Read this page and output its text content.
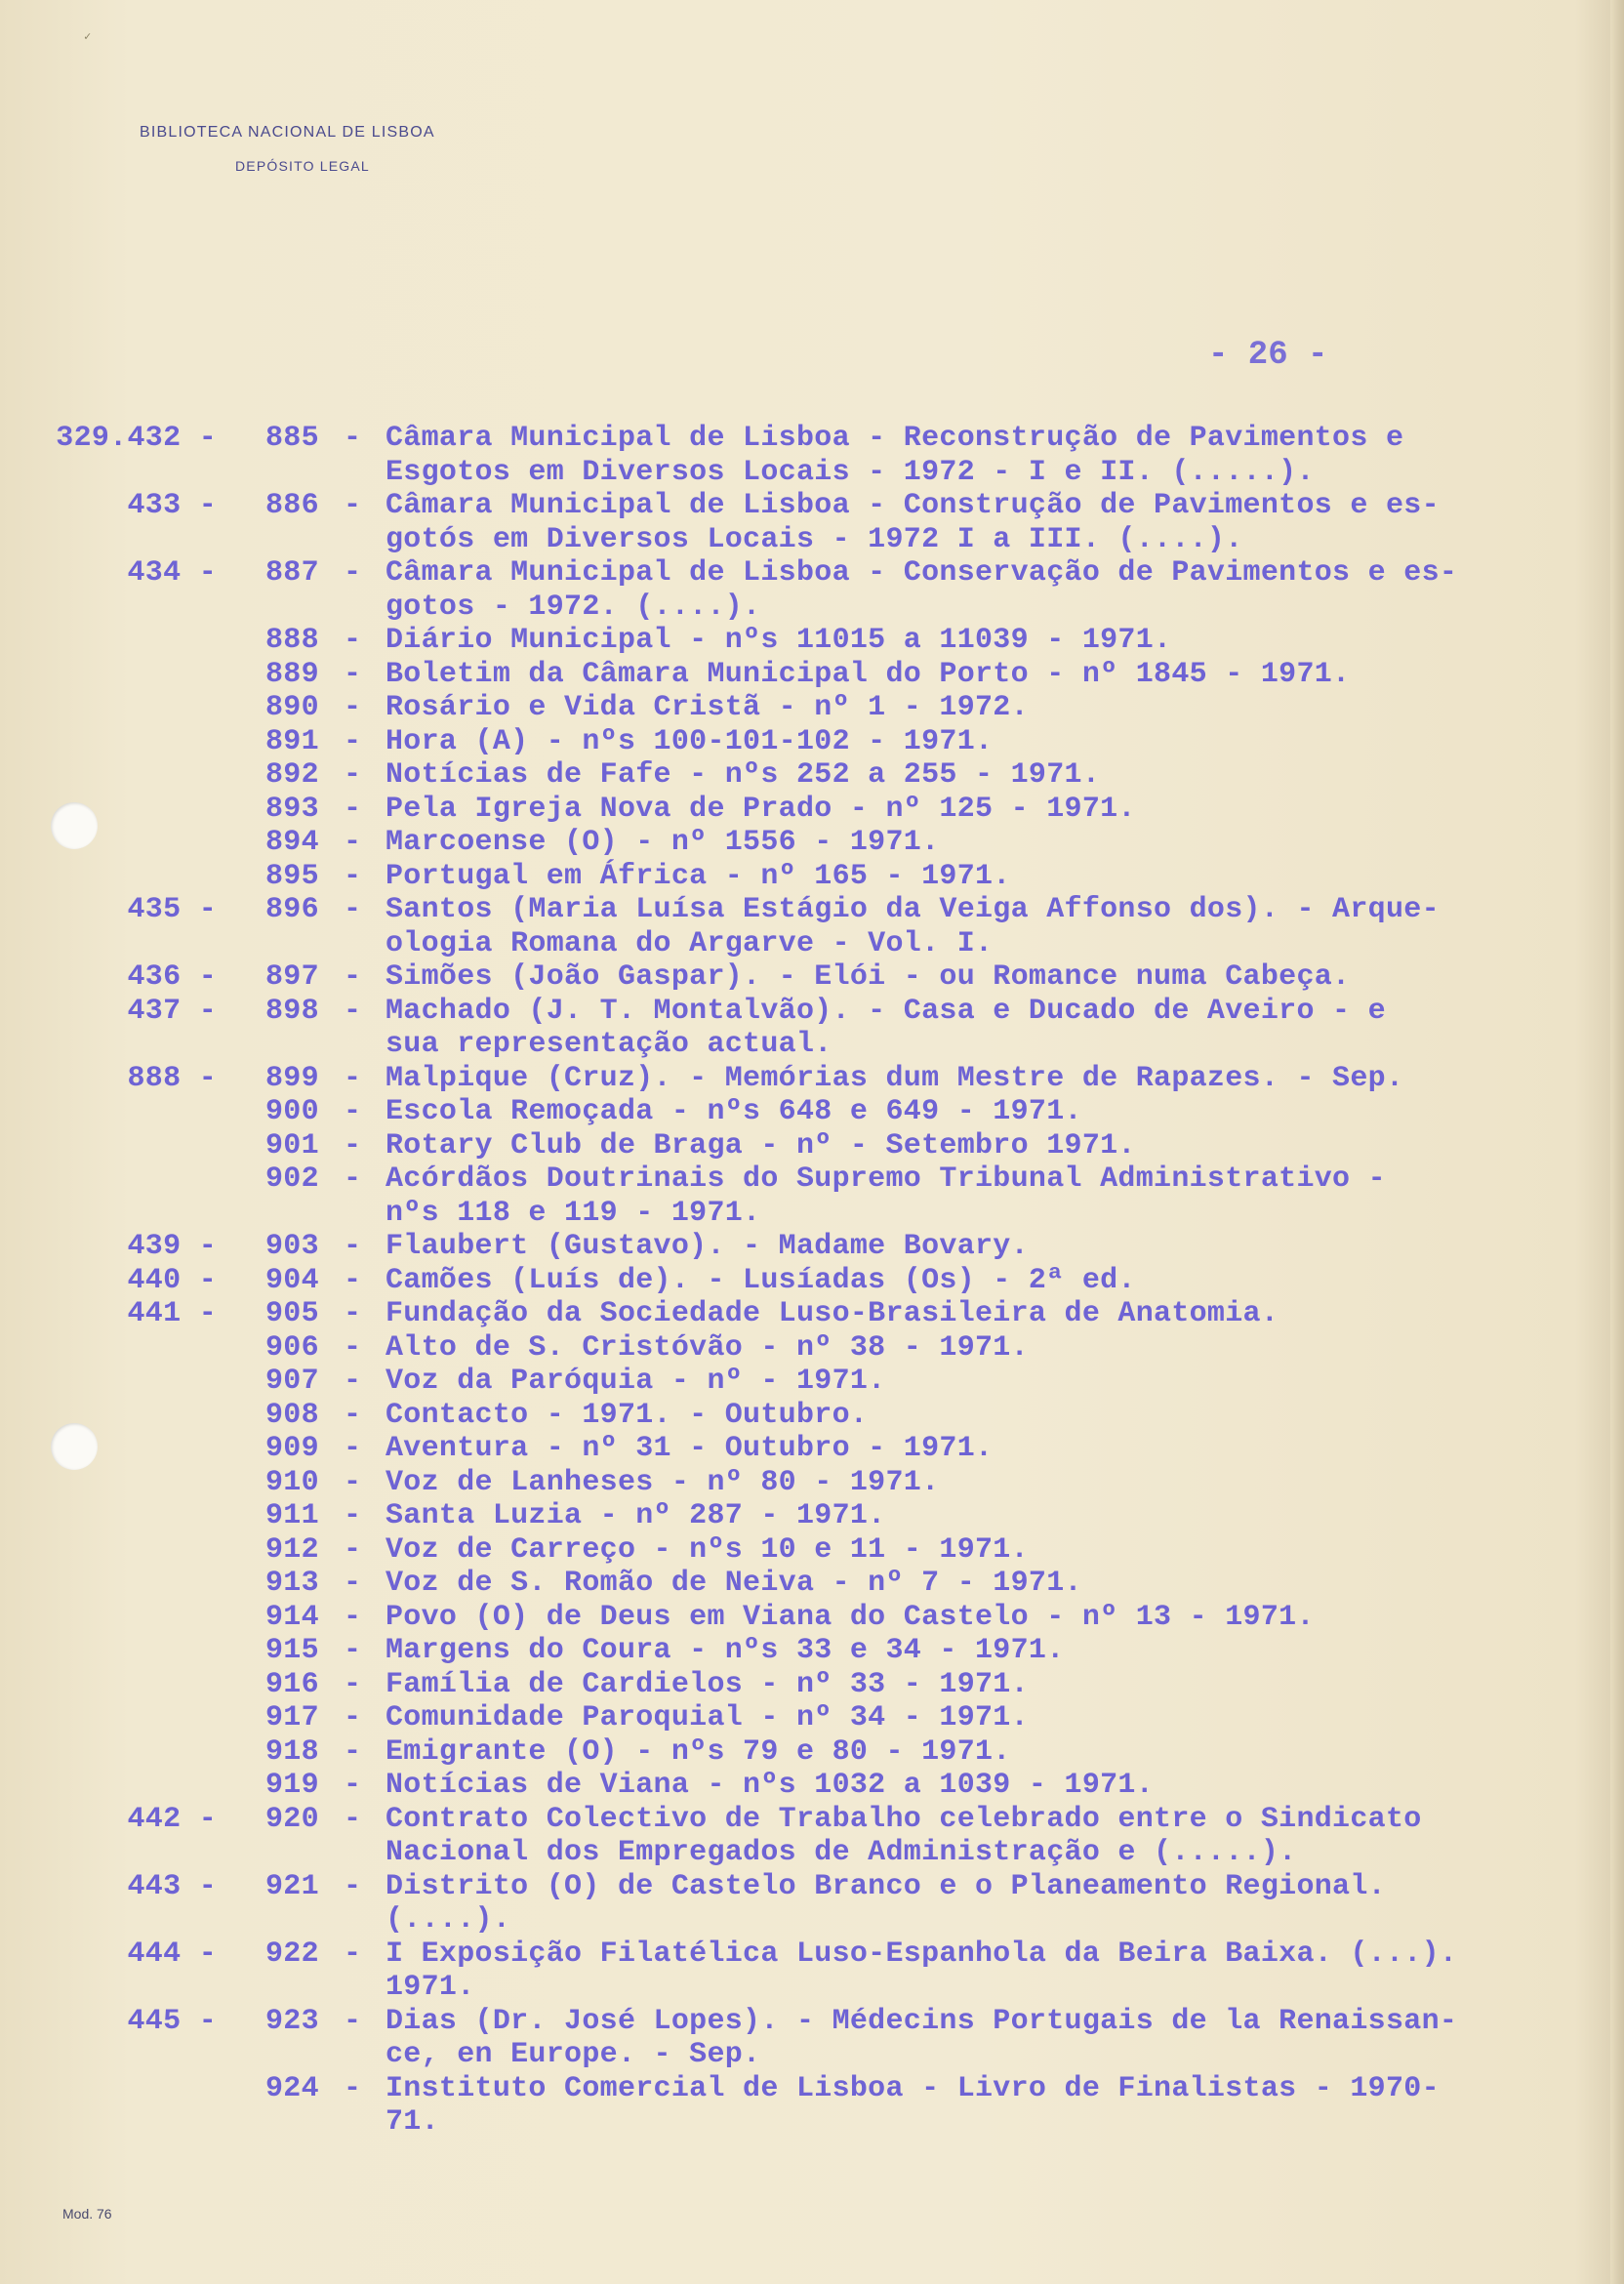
✓
BIBLIOTECA NACIONAL DE LISBOA
DEPÓSITO LEGAL
- 26 -
329.432 - 885 - Câmara Municipal de Lisboa - Reconstrução de Pavimentos e
Esgotos em Diversos Locais - 1972 - I e II. (.....).
433 - 886 - Câmara Municipal de Lisboa - Construção de Pavimentos e es-
gotós em Diversos Locais - 1972 I a III. (....).
434 - 887 - Câmara Municipal de Lisboa - Conservação de Pavimentos e es-
gotos - 1972. (....).
888 - Diário Municipal - nºs 11015 a 11039 - 1971.
889 - Boletim da Câmara Municipal do Porto - nº 1845 - 1971.
890 - Rosário e Vida Cristã - nº 1 - 1972.
891 - Hora (A) - nºs 100-101-102 - 1971.
892 - Notícias de Fafe - nºs 252 a 255 - 1971.
893 - Pela Igreja Nova de Prado - nº 125 - 1971.
894 - Marcoense (O) - nº 1556 - 1971.
895 - Portugal em África - nº 165 - 1971.
435 - 896 - Santos (Maria Luísa Estágio da Veiga Affonso dos). - Arque-
ologia Romana do Argarve - Vol. I.
436 - 897 - Simões (João Gaspar). - Elói - ou Romance numa Cabeça.
437 - 898 - Machado (J. T. Montalvão). - Casa e Ducado de Aveiro - e
sua representação actual.
888 - 899 - Malpique (Cruz). - Memórias dum Mestre de Rapazes. - Sep.
900 - Escola Remoçada - nºs 648 e 649 - 1971.
901 - Rotary Club de Braga - nº - Setembro 1971.
902 - Acórdãos Doutrinais do Supremo Tribunal Administrativo -
nºs 118 e 119 - 1971.
439 - 903 - Flaubert (Gustavo). - Madame Bovary.
440 - 904 - Camões (Luís de). - Lusíadas (Os) - 2ª ed.
441 - 905 - Fundação da Sociedade Luso-Brasileira de Anatomia.
906 - Alto de S. Cristóvão - nº 38 - 1971.
907 - Voz da Paróquia - nº - 1971.
908 - Contacto - 1971. - Outubro.
909 - Aventura - nº 31 - Outubro - 1971.
910 - Voz de Lanheses - nº 80 - 1971.
911 - Santa Luzia - nº 287 - 1971.
912 - Voz de Carreço - nºs 10 e 11 - 1971.
913 - Voz de S. Romão de Neiva - nº 7 - 1971.
914 - Povo (O) de Deus em Viana do Castelo - nº 13 - 1971.
915 - Margens do Coura - nºs 33 e 34 - 1971.
916 - Família de Cardielos - nº 33 - 1971.
917 - Comunidade Paroquial - nº 34 - 1971.
918 - Emigrante (O) - nºs 79 e 80 - 1971.
919 - Notícias de Viana - nºs 1032 a 1039 - 1971.
442 - 920 - Contrato Colectivo de Trabalho celebrado entre o Sindicato
Nacional dos Empregados de Administração e (.....).
443 - 921 - Distrito (O) de Castelo Branco e o Planeamento Regional.
(....).
444 - 922 - I Exposição Filatélica Luso-Espanhola da Beira Baixa. (...).
1971.
445 - 923 - Dias (Dr. José Lopes). - Médecins Portugais de la Renaissan-
ce, en Europe. - Sep.
924 - Instituto Comercial de Lisboa - Livro de Finalistas - 1970-
71.
Mod. 76
